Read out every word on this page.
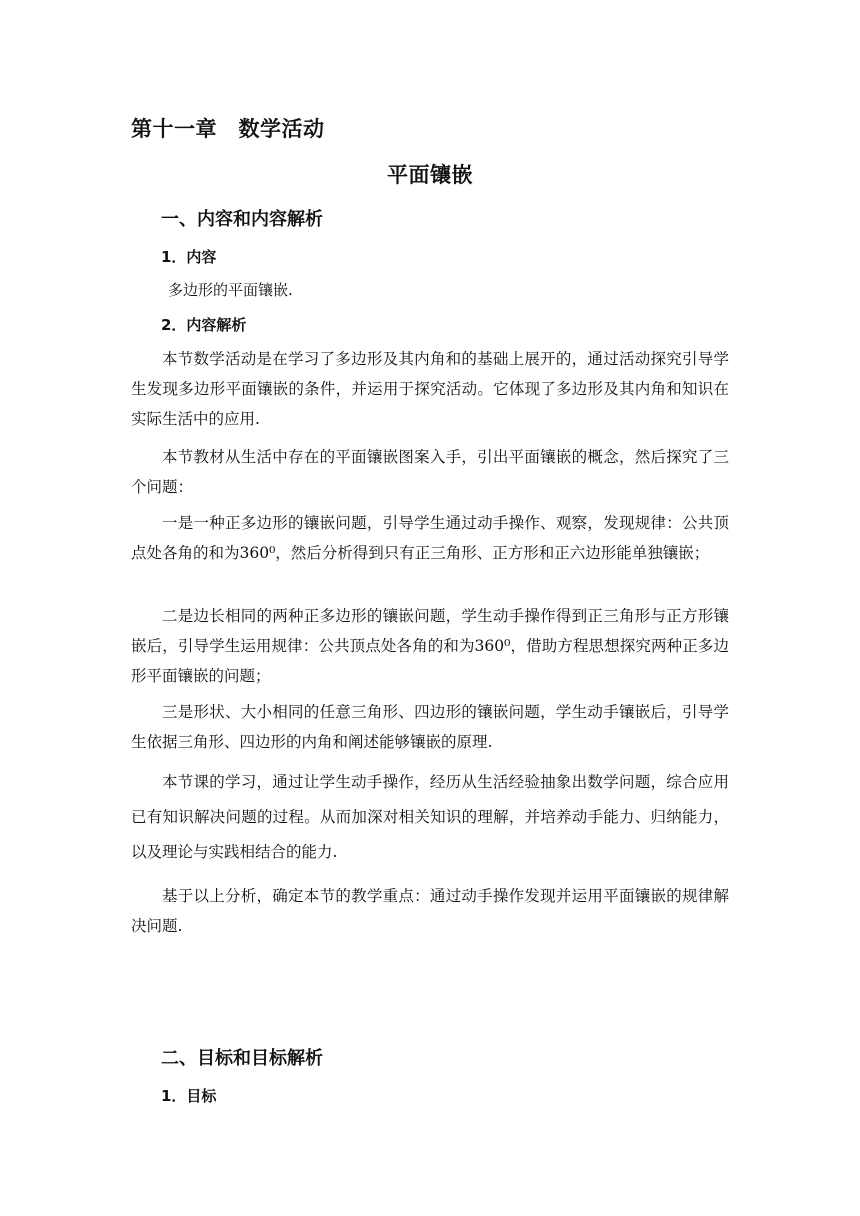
第十一章　数学活动
平面镶嵌
一、内容和内容解析
1．内容
多边形的平面镶嵌.
2．内容解析
本节数学活动是在学习了多边形及其内角和的基础上展开的，通过活动探究引导学生发现多边形平面镶嵌的条件，并运用于探究活动。它体现了多边形及其内角和知识在实际生活中的应用.
本节教材从生活中存在的平面镶嵌图案入手，引出平面镶嵌的概念，然后探究了三个问题：
一是一种正多边形的镶嵌问题，引导学生通过动手操作、观察，发现规律：公共顶点处各角的和为360⁰，然后分析得到只有正三角形、正方形和正六边形能单独镶嵌；
二是边长相同的两种正多边形的镶嵌问题，学生动手操作得到正三角形与正方形镶嵌后，引导学生运用规律：公共顶点处各角的和为360⁰，借助方程思想探究两种正多边形平面镶嵌的问题；
三是形状、大小相同的任意三角形、四边形的镶嵌问题，学生动手镶嵌后，引导学生依据三角形、四边形的内角和阐述能够镶嵌的原理.
本节课的学习，通过让学生动手操作，经历从生活经验抽象出数学问题，综合应用已有知识解决问题的过程。从而加深对相关知识的理解，并培养动手能力、归纳能力，以及理论与实践相结合的能力.
基于以上分析，确定本节的教学重点：通过动手操作发现并运用平面镶嵌的规律解决问题.
二、目标和目标解析
1．目标
